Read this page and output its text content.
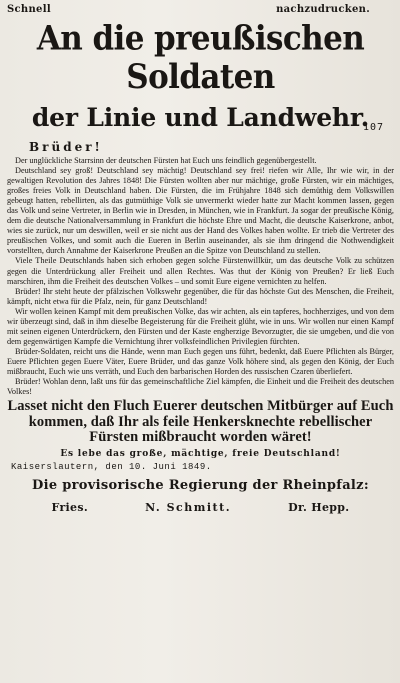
Schnell	nachzudrucken.
An die preußischen Soldaten
der Linie und Landwehr.
107
Brüder!

Der unglückliche Starrsinn der deutschen Fürsten hat Euch uns feindlich gegenübergestellt.

Deutschland sey groß! Deutschland sey mächtig! Deutschland sey frei! riefen wir Alle, Ihr wie wir, in der gewaltigen Revolution des Jahres 1848! Die Fürsten wollten aber nur mächtige, große Fürsten, wir ein mächtiges, großes freies Volk in Deutschland haben. Die Fürsten, die im Frühjahre 1848 sich demüthig dem Volkswillen gebeugt hatten, rebellirten, als das gutmüthige Volk sie unvermerkt wieder hatte zur Macht kommen lassen, gegen das Volk und seine Vertreter, in Berlin wie in Dresden, in München, wie in Frankfurt. Ja sogar der preußische König, dem die deutsche Nationalversammlung in Frankfurt die höchste Ehre und Macht, die deutsche Kaiserkrone, anbot, wies sie zurück, nur um deswillen, weil er sie nicht aus der Hand des Volkes haben wollte. Er trieb die Vertreter des preußischen Volkes, und somit auch die Eueren in Berlin auseinander, als sie ihm dringend die Nothwendigkeit vorstellten, durch Annahme der Kaiserkrone Preußen an die Spitze von Deutschland zu stellen.

Viele Theile Deutschlands haben sich erhoben gegen solche Fürstenwillkür, um das deutsche Volk zu schützen gegen die Unterdrückung aller Freiheit und allen Rechtes. Was thut der König von Preußen? Er ließ Euch marschiren, ihm die Freiheit des deutschen Volkes – und somit Eure eigene vernichten zu helfen.

Brüder! Ihr steht heute der pfälzischen Volkswehr gegenüber, die für das höchste Gut des Menschen, die Freiheit, kämpft, nicht etwa für die Pfalz, nein, für ganz Deutschland!

Wir wollen keinen Kampf mit dem preußischen Volke, das wir achten, als ein tapferes, hochherziges, und von dem wir überzeugt sind, daß in ihm dieselbe Begeisterung für die Freiheit glüht, wie in uns. Wir wollen nur einen Kampf mit seinen eigenen Unterdrückern, den Fürsten und der Kaste engherzige Bevorzugter, die sie umgeben, und die von dem gegenwärtigen Kampfe die Vernichtung ihrer volksfeindlichen Privilegien fürchten.

Brüder-Soldaten, reicht uns die Hände, wenn man Euch gegen uns führt, bedenkt, daß Euere Pflichten als Bürger, Euere Pflichten gegen Euere Väter, Euere Brüder, und das ganze Volk höhere sind, als gegen den König, der Euch mißbraucht, Euch wie uns verräth, und Euch den barbarischen Horden des russischen Czaren überliefert.

Brüder! Wohlan denn, laßt uns für das gemeinschaftliche Ziel kämpfen, die Einheit und die Freiheit des deutschen Volkes!

Lasset nicht den Fluch Euerer deutschen Mitbürger auf Euch kommen, daß Ihr als feile Henkersknechte rebellischer Fürsten mißbraucht worden wäret!
Es lebe das große, mächtige, freie Deutschland!
Kaiserslautern, den 10. Juni 1849.
Die provisorische Regierung der Rheinpfalz:
Fries.	N. Schmitt.	Dr. Hepp.
